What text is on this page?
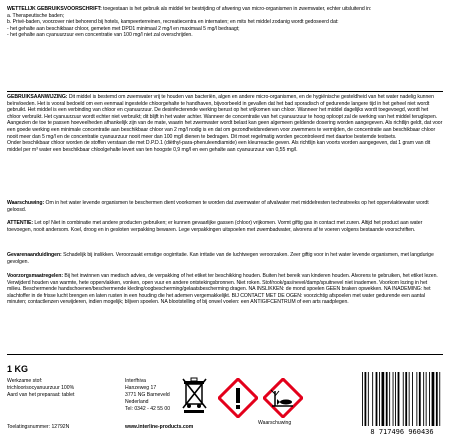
WETTELIJK GEBRUIKSVOORSCHRIFT: toegestaan is het gebruik als middel ter bestrijding of afwering van micro-organismen in zwemwater, echter uitsluitend in:
a. Therapeutische baden;
b. Privé-baden, voorzover niet behorend bij hotels, kampeerterreinen, recreatiecentra en internaten; en mits het middel zodanig wordt gedoseerd dat:
- het gehalte aan beschikbaar chloor, gemeten met DPD1 minimaal 2 mg/l en maximaal 5 mg/l bedraagt;
- het gehalte aan cyanuurzuur een concentratie van 100 mg/l niet zal overschrijden.
GEBRUIKSAANWIJZING: Dit middel is bestemd om zwemwater vrij te houden van bacteriën, algen en andere micro-organismen, en de hygiënische gesteldheid van het water nadelig kunnen beïnvloeden. Het is vooral bedoeld om een eenmaal ingestelde chloorgehalte te handhaven, bijvoorbeeld in gevallen dat het bad sporadisch of gedurende langere tijd in het geheel niet wordt gebruikt. Het middel is een verbinding van chloor en cyanuurzuur. De desinfecterende werking berust op het vrijkomen van chloor. Wanneer het middel dagelijks wordt toegevoegd, wordt het chloor verbruikt. Het cyanuurzuur wordt echter niet verbruikt; dit blijft in het water achter. Wanneer de concentratie van het cyanuurzuur te hoog oploopt zal de werking van het middel teruglopen. Aangezien de toe te passen hoeveelheden afhankelijk zijn van de mate, waarin het zwemwater wordt belast kan geen algemeen geldende dosering worden aangegeven. Als richtlijn geldt, dat voor een goede werking een minimale concentratie aan beschikbaar chloor van 2 mg/l nodig is en dat om gezondheidsredenen voor zwemmers te vermijden, de concentratie aan beschikbaar chloor nooit meer dan 5 mg/l en de concentratie cyanuurzuur nooit meer dan 100 mg/l dienen te bedragen. Dit moet regelmatig worden gecontroleerd met daartoe bestemde testsets.
Onder beschikbaar chloor worden de stoffen verstaan die met D.P.D.1 (diëthyl-para-phenuleendiamide) een kleurreactie geven. Als richtlijn kan voorts worden aangegeven, dat 1 gram van dit middel per m³ water een beschikbaar chloolgehalte levert van ten hoogste 0,9 mg/l en een gehalte aan cyanuurzuur van 0,55 mg/l.
Waarschuwing: Om in het water levende organismen te beschermen dient voorkomen te worden dat zwemwater of afvalwater met middelresten technstreeks op het oppervlaktewater wordt geloosd.
ATTENTIE: Let op! Niet in combinatie met andere producten gebruiken; er kunnen gevaarlijke gassen (chloor) vrijkomen. Vormt giftig gas in contact met zuren. Altijd het product aan water toevoegen, nooit andersom. Koel, droog en in gesloten verpakking bewaren. Lege verpakkingen uitspoelen met zwembadwater, alvorens af te voeren volgens bestaande voorschriften.
Gevarenaanduidingen: Schadelijk bij inslikken. Veroorzaakt ernstige oogirritatie. Kan irritatie van de luchtwegen veroorzaken. Zeer giftig voor in het water levende organismen, met langdurige gevolgen.
Voorzorgsmaatregelen: Bij het inwinnen van medisch advies, de verpakking of het etiket ter beschikking houden. Buiten het bereik van kinderen houden. Alvorens te gebruiken, het etiket lezen. Verwijderd houden van warmte, hete oppervlakken, vonken, open vuur en andere ontstekingsbronnen. Niet roken. Stof/rook/gas/nevel/damp/spuitnevel niet inademen. Voorkom lozing in het milieu. Beschermende handschoenen/beschermende kleding/oogbescherming/gelaatsbescherming dragen. NA INSLIKKEN: de mond spoelen GEEN braken opwekken. NA INADEMING: het slachtoffer in de frisse lucht brengen en laten rusten in een houding die het ademen vergemakkelijkt. BIJ CONTACT MET DE OGEN: voorzichtig afspoelen met water gedurende een aantal minuten; contactlenzen verwijderen, indien mogelijk; blijven spoelen. NA blootstelling of bij onwel voelen: een ANTIGIFCENTRUM of een arts raadplegen.
1 KG
Werkzame stof:
trichloorisocyanuurzuur 100%
Aard van het preparaat: tablet
Toelatingsnummer: 12792N
Interfhiva
Hanzeweg 17
3771 NG Barneveld
Nederland
Tel: 0342 - 42 55 00
www.interline-products.com
Waarschuwing
8 717496 960436
